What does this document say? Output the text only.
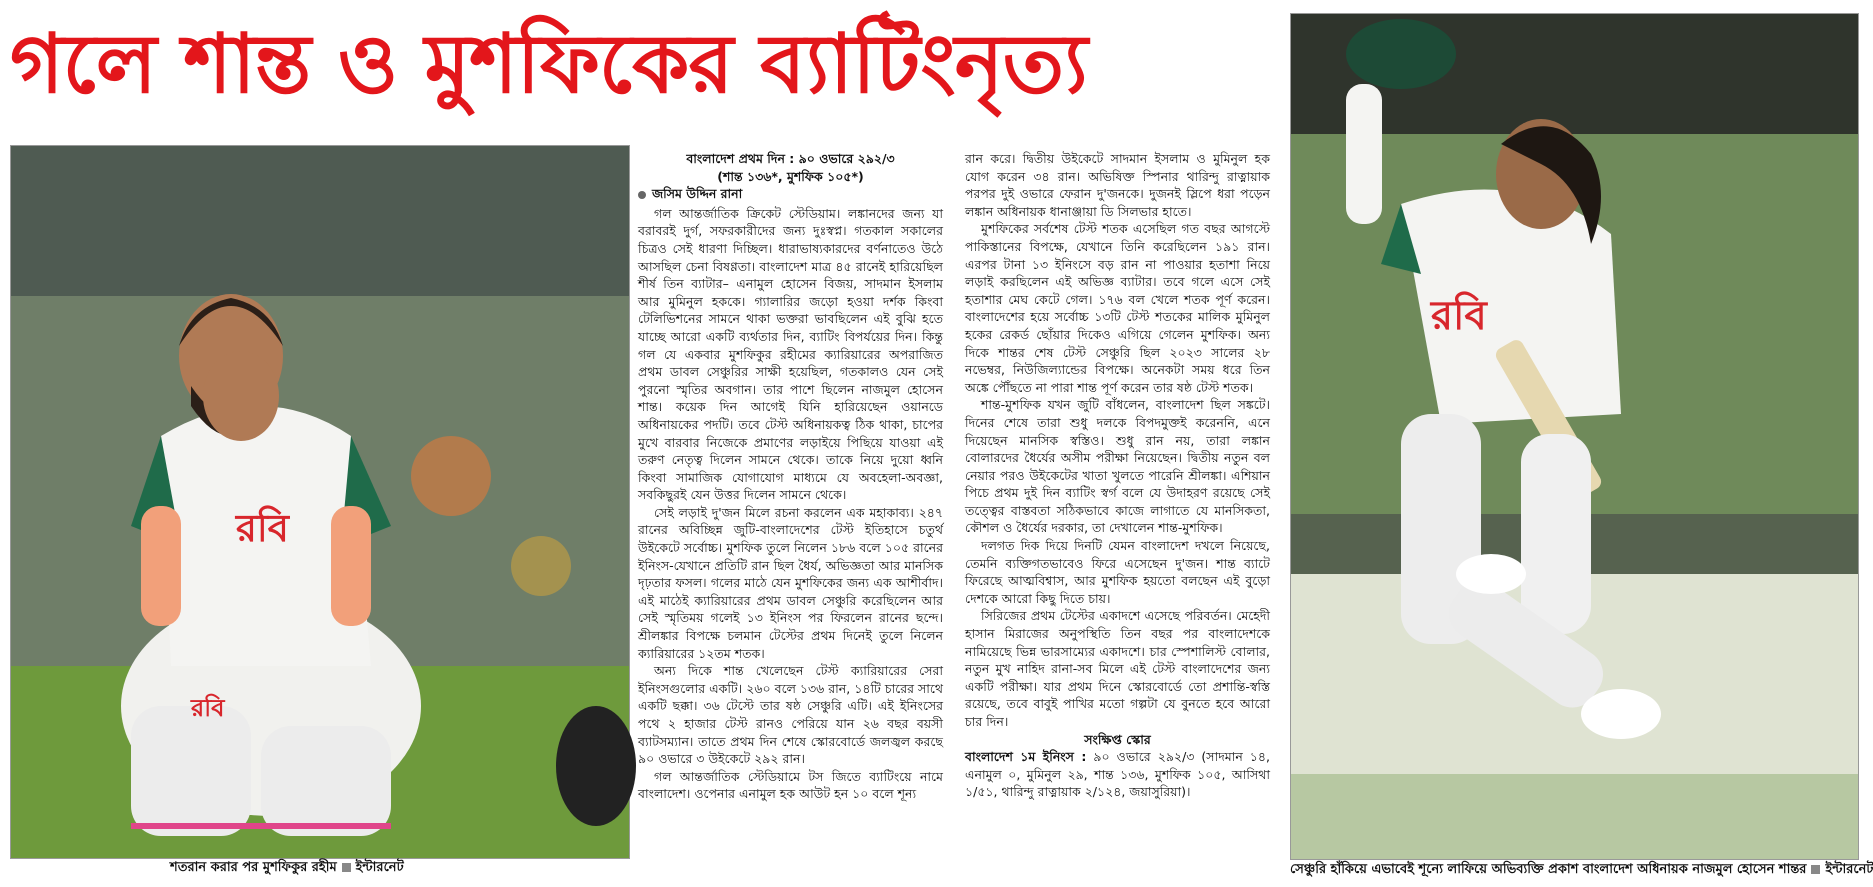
গলে শান্ত ও মুশফিকের ব্যাটিংনৃত্য
রবি
রবি
শতরান করার পর মুশফিকুর রহীম ইন্টারনেট

বাংলাদেশ প্রথম দিন : ৯০ ওভারে ২৯২/৩

(শান্ত ১৩৬*, মুশফিক ১০৫*)

জসিম উদ্দিন রানা

গল আন্তর্জাতিক ক্রিকেট স্টেডিয়াম। লঙ্কানদের জন্য যা বরাবরই দুর্গ, সফরকারীদের জন্য দুঃস্বপ্ন। গতকাল সকালের চিত্রও সেই ধারণা দিচ্ছিল। ধারাভাষ্যকারদের বর্ণনাতেও উঠে আসছিল চেনা বিষণ্ণতা। বাংলাদেশ মাত্র ৪৫ রানেই হারিয়েছিল শীর্ষ তিন ব্যাটার– এনামুল হোসেন বিজয়, সাদমান ইসলাম আর মুমিনুল হককে। গ্যালারির জড়ো হওয়া দর্শক কিংবা টেলিভিশনের সামনে থাকা ভক্তরা ভাবছিলেন এই বুঝি হতে যাচ্ছে আরো একটি ব্যর্থতার দিন, ব্যাটিং বিপর্যয়ের দিন। কিন্তু গল যে একবার মুশফিকুর রহীমের ক্যারিয়ারের অপরাজিত প্রথম ডাবল সেঞ্চুরির সাক্ষী হয়েছিল, গতকালও যেন সেই পুরনো স্মৃতির অবগান। তার পাশে ছিলেন নাজমুল হোসেন শান্ত। কয়েক দিন আগেই যিনি হারিয়েছেন ওয়ানডে অধিনায়কের পদটি। তবে টেস্ট অধিনায়কত্ব ঠিক থাকা, চাপের মুখে বারবার নিজেকে প্রমাণের লড়াইয়ে পিছিয়ে যাওয়া এই তরুণ নেতৃত্ব দিলেন সামনে থেকে। তাকে নিয়ে দুয়ো ধ্বনি কিংবা সামাজিক যোগাযোগ মাধ্যমে যে অবহেলা-অবজ্ঞা, সবকিছুরই যেন উত্তর দিলেন সামনে থেকে।

সেই লড়াই দু'জন মিলে রচনা করলেন এক মহাকাব্য। ২৪৭ রানের অবিচ্ছিন্ন জুটি-বাংলাদেশের টেস্ট ইতিহাসে চতুর্থ উইকেটে সর্বোচ্চ। মুশফিক তুলে নিলেন ১৮৬ বলে ১০৫ রানের ইনিংস-যেখানে প্রতিটি রান ছিল ধৈর্য, অভিজ্ঞতা আর মানসিক দৃঢ়তার ফসল। গলের মাঠে যেন মুশফিকের জন্য এক আশীর্বাদ। এই মাঠেই ক্যারিয়ারের প্রথম ডাবল সেঞ্চুরি করেছিলেন আর সেই স্মৃতিময় গলেই ১৩ ইনিংস পর ফিরলেন রানের ছন্দে। শ্রীলঙ্কার বিপক্ষে চলমান টেস্টের প্রথম দিনেই তুলে নিলেন ক্যারিয়ারের ১২তম শতক।

অন্য দিকে শান্ত খেলেছেন টেস্ট ক্যারিয়ারের সেরা ইনিংসগুলোর একটি। ২৬০ বলে ১৩৬ রান, ১৪টি চারের সাথে একটি ছক্কা। ৩৬ টেস্টে তার ষষ্ঠ সেঞ্চুরি এটি। এই ইনিংসের পথে ২ হাজার টেস্ট রানও পেরিয়ে যান ২৬ বছর বয়সী ব্যাটসম্যান। তাতে প্রথম দিন শেষে স্কোরবোর্ডে জলজ্বল করছে ৯০ ওভারে ৩ উইকেটে ২৯২ রান।

গল আন্তর্জাতিক স্টেডিয়ামে টস জিতে ব্যাটিংয়ে নামে বাংলাদেশ। ওপেনার এনামুল হক আউট হন ১০ বলে শূন্য

রান করে। দ্বিতীয় উইকেটে সাদমান ইসলাম ও মুমিনুল হক যোগ করেন ৩৪ রান। অভিষিক্ত স্পিনার থারিন্দু রাত্নায়াক পরপর দুই ওভারে ফেরান দু'জনকে। দুজনই স্লিপে ধরা পড়েন লঙ্কান অধিনায়ক ধানাঞ্জায়া ডি সিলভার হাতে।

মুশফিকের সর্বশেষ টেস্ট শতক এসেছিল গত বছর আগস্টে পাকিস্তানের বিপক্ষে, যেখানে তিনি করেছিলেন ১৯১ রান। এরপর টানা ১৩ ইনিংসে বড় রান না পাওয়ার হতাশা নিয়ে লড়াই করছিলেন এই অভিজ্ঞ ব্যাটার। তবে গলে এসে সেই হতাশার মেঘ কেটে গেল। ১৭৬ বল খেলে শতক পূর্ণ করেন। বাংলাদেশের হয়ে সর্বোচ্চ ১৩টি টেস্ট শতকের মালিক মুমিনুল হকের রেকর্ড ছোঁয়ার দিকেও এগিয়ে গেলেন মুশফিক। অন্য দিকে শান্তর শেষ টেস্ট সেঞ্চুরি ছিল ২০২৩ সালের ২৮ নভেম্বর, নিউজিল্যান্ডের বিপক্ষে। অনেকটা সময় ধরে তিন অঙ্কে পৌঁছতে না পারা শান্ত পূর্ণ করেন তার ষষ্ঠ টেস্ট শতক।

শান্ত-মুশফিক যখন জুটি বাঁধলেন, বাংলাদেশ ছিল সঙ্কটে। দিনের শেষে তারা শুধু দলকে বিপদমুক্তই করেননি, এনে দিয়েছেন মানসিক স্বস্তিও। শুধু রান নয়, তারা লঙ্কান বোলারদের ধৈর্যের অসীম পরীক্ষা নিয়েছেন। দ্বিতীয় নতুন বল নেয়ার পরও উইকেটের খাতা খুলতে পারেনি শ্রীলঙ্কা। এশিয়ান পিচে প্রথম দুই দিন ব্যাটিং স্বর্গ বলে যে উদাহরণ রয়েছে সেই তত্ত্বের বাস্তবতা সঠিকভাবে কাজে লাগাতে যে মানসিকতা, কৌশল ও ধৈর্যের দরকার, তা দেখালেন শান্ত-মুশফিক।

দলগত দিক দিয়ে দিনটি যেমন বাংলাদেশ দখলে নিয়েছে, তেমনি ব্যক্তিগতভাবেও ফিরে এসেছেন দু'জন। শান্ত ব্যাটে ফিরেছে আত্মবিশ্বাস, আর মুশফিক হয়তো বলছেন এই বুড়ো দেশকে আরো কিছু দিতে চায়।

সিরিজের প্রথম টেস্টের একাদশে এসেছে পরিবর্তন। মেহেদী হাসান মিরাজের অনুপস্থিতি তিন বছর পর বাংলাদেশকে নামিয়েছে ভিন্ন ভারসাম্যের একাদশে। চার স্পেশালিস্ট বোলার, নতুন মুখ নাহিদ রানা-সব মিলে এই টেস্ট বাংলাদেশের জন্য একটি পরীক্ষা। যার প্রথম দিনে স্কোরবোর্ডে তো প্রশান্তি-স্বস্তি রয়েছে, তবে বাবুই পাখির মতো গল্পটা যে বুনতে হবে আরো চার দিন।

সংক্ষিপ্ত স্কোর

বাংলাদেশ ১ম ইনিংস : ৯০ ওভারে ২৯২/৩ (সাদমান ১৪, এনামুল ০, মুমিনুল ২৯, শান্ত ১৩৬, মুশফিক ১০৫, আসিথা ১/৫১, থারিন্দু রাত্নায়াক ২/১২৪, জয়াসুরিয়া)।

রবি
সেঞ্চুরি হাঁকিয়ে এভাবেই শূন্যে লাফিয়ে অভিব্যক্তি প্রকাশ বাংলাদেশ অধিনায়ক নাজমুল হোসেন শান্তর ইন্টারনেট
